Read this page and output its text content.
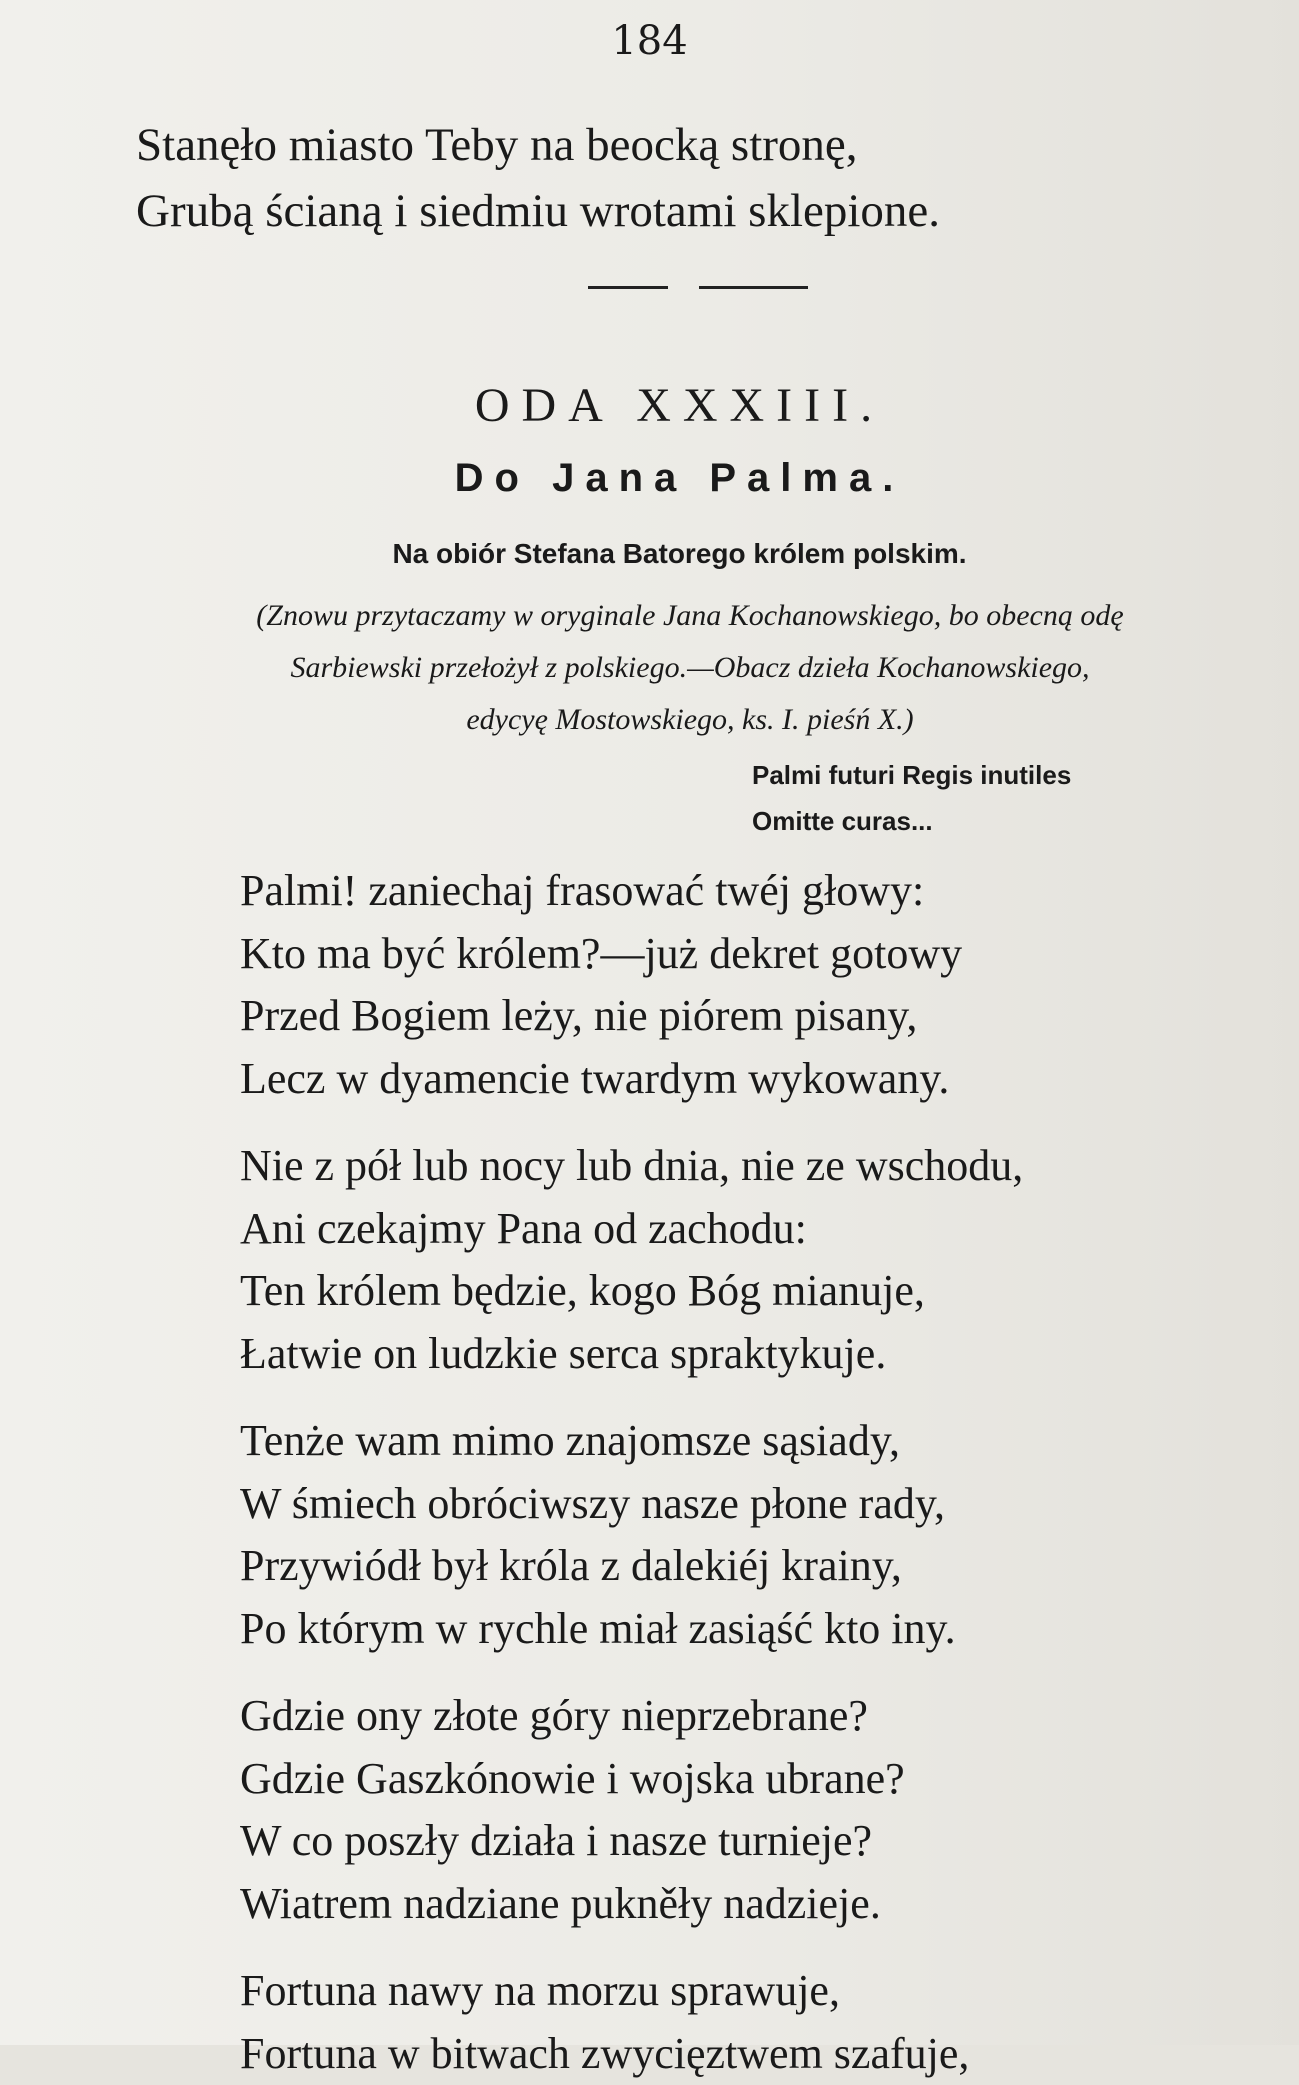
184
Stanęło miasto Teby na beocką stronę,
Grubą ścianą i siedmiu wrotami sklepione.
ODA XXXIII.
Do Jana Palma.
Na obiór Stefana Batorego królem polskim.
(Znowu przytaczamy w oryginale Jana Kochanowskiego, bo obecną odę
Sarbiewski przełożył z polskiego.—Obacz dzieła Kochanowskiego,
edycyę Mostowskiego, ks. I. pieśń X.)
Palmi futuri Regis inutiles
Omitte curas...
Palmi! zaniechaj frasować twéj głowy:
Kto ma być królem?—już dekret gotowy
Przed Bogiem leży, nie piórem pisany,
Lecz w dyamencie twardym wykowany.
Nie z pół lub nocy lub dnia, nie ze wschodu,
Ani czekajmy Pana od zachodu:
Ten królem będzie, kogo Bóg mianuje,
Łatwie on ludzkie serca spraktykuje.
Tenże wam mimo znajomsze sąsiady,
W śmiech obróciwszy nasze płone rady,
Przywiódł był króla z dalekiéj krainy,
Po którym w rychle miał zasiąść kto iny.
Gdzie ony złote góry nieprzebrane?
Gdzie Gaszkónowie i wojska ubrane?
W co poszły działa i nasze turnieje?
Wiatrem nadziane pukněły nadzieje.
Fortuna nawy na morzu sprawuje,
Fortuna w bitwach zwycięztwem szafuje,
